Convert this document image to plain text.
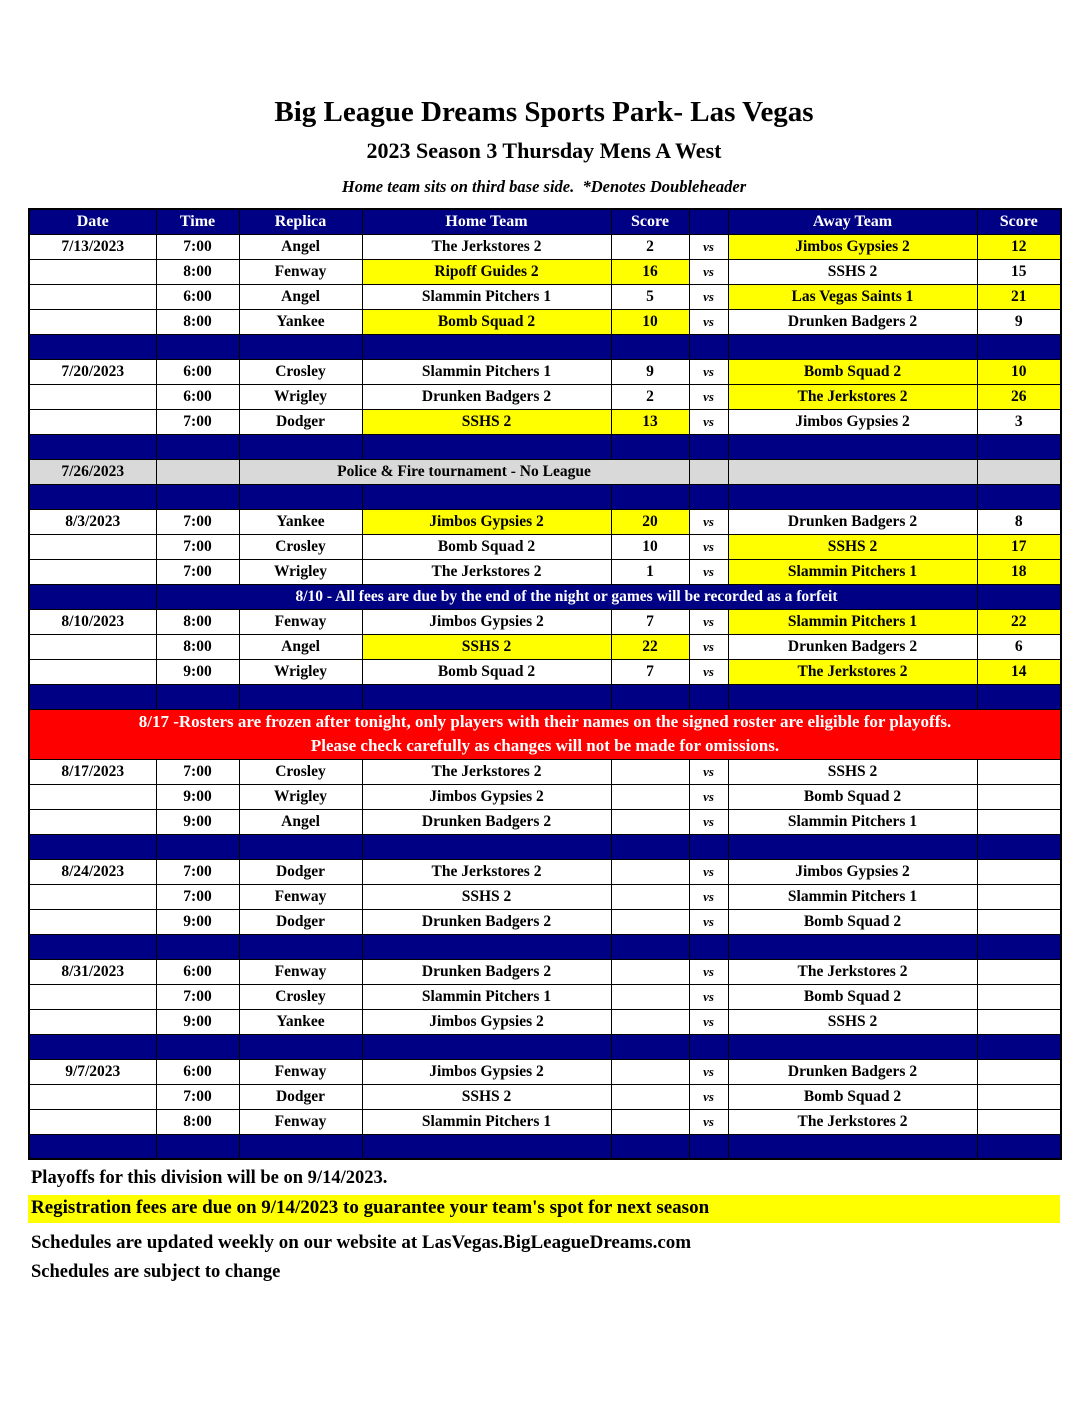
Big League Dreams Sports Park- Las Vegas
2023 Season 3 Thursday Mens A West
Home team sits on third base side.  *Denotes Doubleheader
Date	Time	Replica	Home Team	Score		Away Team	Score
7/13/2023	7:00	Angel	The Jerkstores 2	2	vs	Jimbos Gypsies 2	12
	8:00	Fenway	Ripoff Guides 2	16	vs	SSHS 2	15
	6:00	Angel	Slammin Pitchers 1	5	vs	Las Vegas Saints 1	21
	8:00	Yankee	Bomb Squad 2	10	vs	Drunken Badgers 2	9

7/20/2023	6:00	Crosley	Slammin Pitchers 1	9	vs	Bomb Squad 2	10
	6:00	Wrigley	Drunken Badgers 2	2	vs	The Jerkstores 2	26
	7:00	Dodger	SSHS 2	13	vs	Jimbos Gypsies 2	3

7/26/2023		Police & Fire tournament - No League					

8/3/2023	7:00	Yankee	Jimbos Gypsies 2	20	vs	Drunken Badgers 2	8
	7:00	Crosley	Bomb Squad 2	10	vs	SSHS 2	17
	7:00	Wrigley	The Jerkstores 2	1	vs	Slammin Pitchers 1	18
	8/10 - All fees are due by the end of the night or games will be recorded as a forfeit						
8/10/2023	8:00	Fenway	Jimbos Gypsies 2	7	vs	Slammin Pitchers 1	22
	8:00	Angel	SSHS 2	22	vs	Drunken Badgers 2	6
	9:00	Wrigley	Bomb Squad 2	7	vs	The Jerkstores 2	14

8/17 -Rosters are frozen after tonight, only players with their names on the signed roster are eligible for playoffs.
Please check carefully as changes will not be made for omissions.							

8/17/2023	7:00	Crosley	The Jerkstores 2		vs	SSHS 2	
	9:00	Wrigley	Jimbos Gypsies 2		vs	Bomb Squad 2	
	9:00	Angel	Drunken Badgers 2		vs	Slammin Pitchers 1	

8/24/2023	7:00	Dodger	The Jerkstores 2		vs	Jimbos Gypsies 2	
	7:00	Fenway	SSHS 2		vs	Slammin Pitchers 1	
	9:00	Dodger	Drunken Badgers 2		vs	Bomb Squad 2	

8/31/2023	6:00	Fenway	Drunken Badgers 2		vs	The Jerkstores 2	
	7:00	Crosley	Slammin Pitchers 1		vs	Bomb Squad 2	
	9:00	Yankee	Jimbos Gypsies 2		vs	SSHS 2	

9/7/2023	6:00	Fenway	Jimbos Gypsies 2		vs	Drunken Badgers 2	
	7:00	Dodger	SSHS 2		vs	Bomb Squad 2	
	8:00	Fenway	Slammin Pitchers 1		vs	The Jerkstores 2	

Playoffs for this division will be on 9/14/2023.
Registration fees are due on 9/14/2023 to guarantee your team's spot for next season
Schedules are updated weekly on our website at LasVegas.BigLeagueDreams.com
Schedules are subject to change
